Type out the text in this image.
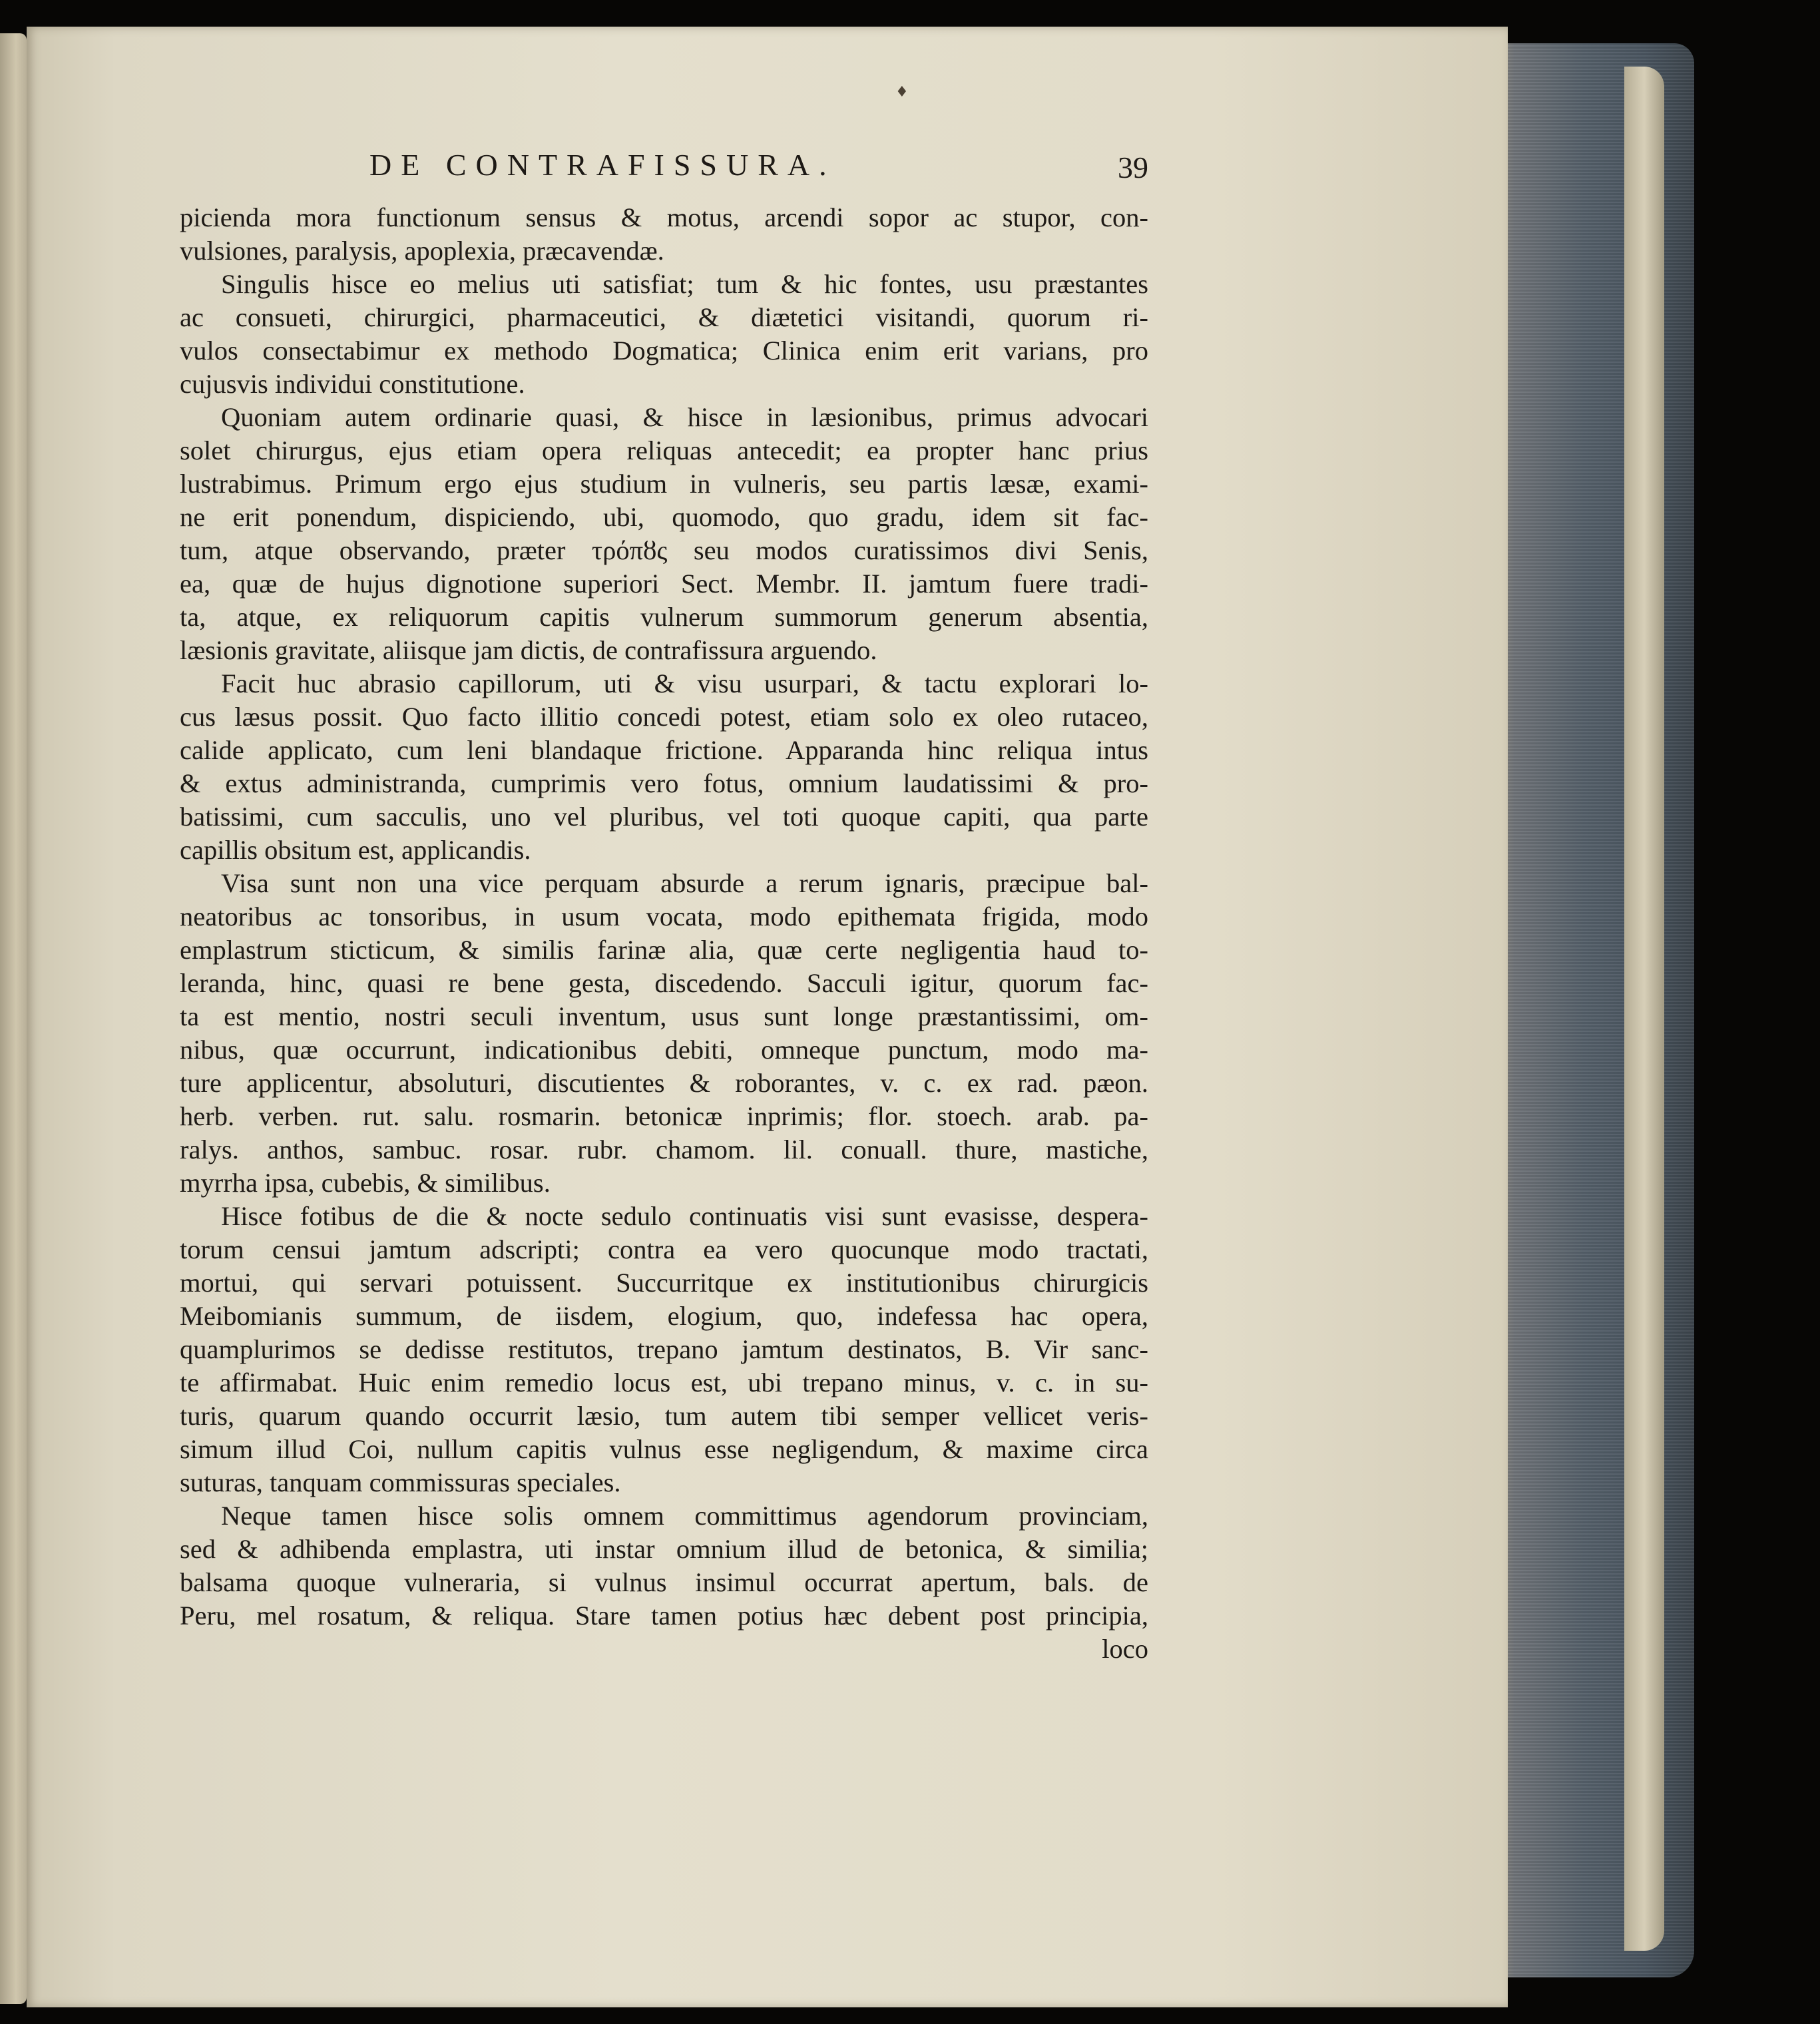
♦
DE CONTRAFISSURA.	39
picienda mora functionum sensus & motus, arcendi sopor ac stupor, con-
vulsiones, paralysis, apoplexia, præcavendæ.
Singulis hisce eo melius uti satisfiat; tum & hic fontes, usu præstantes
ac consueti, chirurgici, pharmaceutici, & diætetici visitandi, quorum ri-
vulos consectabimur ex methodo Dogmatica; Clinica enim erit varians, pro
cujusvis individui constitutione.
Quoniam autem ordinarie quasi, & hisce in læsionibus, primus advocari
solet chirurgus, ejus etiam opera reliquas antecedit; ea propter hanc prius
lustrabimus. Primum ergo ejus studium in vulneris, seu partis læsæ, exami-
ne erit ponendum, dispiciendo, ubi, quomodo, quo gradu, idem sit fac-
tum, atque observando, præter τρόπȣς seu modos curatissimos divi Senis,
ea, quæ de hujus dignotione superiori Sect. Membr. II. jamtum fuere tradi-
ta, atque, ex reliquorum capitis vulnerum summorum generum absentia,
læsionis gravitate, aliisque jam dictis, de contrafissura arguendo.
Facit huc abrasio capillorum, uti & visu usurpari, & tactu explorari lo-
cus læsus possit. Quo facto illitio concedi potest, etiam solo ex oleo rutaceo,
calide applicato, cum leni blandaque frictione. Apparanda hinc reliqua intus
& extus administranda, cumprimis vero fotus, omnium laudatissimi & pro-
batissimi, cum sacculis, uno vel pluribus, vel toti quoque capiti, qua parte
capillis obsitum est, applicandis.
Visa sunt non una vice perquam absurde a rerum ignaris, præcipue bal-
neatoribus ac tonsoribus, in usum vocata, modo epithemata frigida, modo
emplastrum sticticum, & similis farinæ alia, quæ certe negligentia haud to-
leranda, hinc, quasi re bene gesta, discedendo. Sacculi igitur, quorum fac-
ta est mentio, nostri seculi inventum, usus sunt longe præstantissimi, om-
nibus, quæ occurrunt, indicationibus debiti, omneque punctum, modo ma-
ture applicentur, absoluturi, discutientes & roborantes, v. c. ex rad. pæon.
herb. verben. rut. salu. rosmarin. betonicæ inprimis; flor. stoech. arab. pa-
ralys. anthos, sambuc. rosar. rubr. chamom. lil. conuall. thure, mastiche,
myrrha ipsa, cubebis, & similibus.
Hisce fotibus de die & nocte sedulo continuatis visi sunt evasisse, despera-
torum censui jamtum adscripti; contra ea vero quocunque modo tractati,
mortui, qui servari potuissent. Succurritque ex institutionibus chirurgicis
Meibomianis summum, de iisdem, elogium, quo, indefessa hac opera,
quamplurimos se dedisse restitutos, trepano jamtum destinatos, B. Vir sanc-
te affirmabat. Huic enim remedio locus est, ubi trepano minus, v. c. in su-
turis, quarum quando occurrit læsio, tum autem tibi semper vellicet veris-
simum illud Coi, nullum capitis vulnus esse negligendum, & maxime circa
suturas, tanquam commissuras speciales.
Neque tamen hisce solis omnem committimus agendorum provinciam,
sed & adhibenda emplastra, uti instar omnium illud de betonica, & similia;
balsama quoque vulneraria, si vulnus insimul occurrat apertum, bals. de
Peru, mel rosatum, & reliqua. Stare tamen potius hæc debent post principia,
loco
